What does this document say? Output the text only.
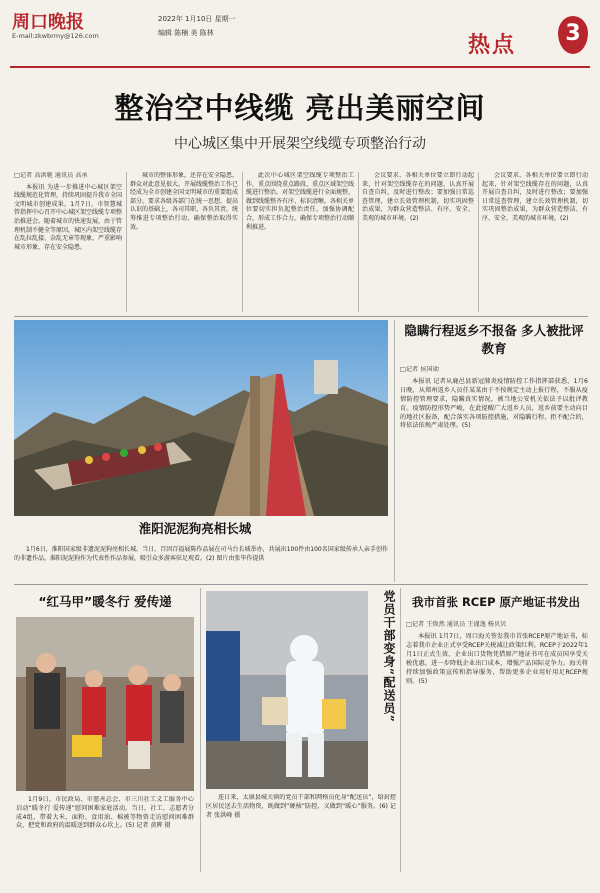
周口晚报
E-mail:zkwbrmy@126.com
2022年 1月10日 星期一
编辑 陈楠 美 陈林	热点	3
整治空中线缆 亮出美丽空间
中心城区集中开展架空线缆专项整治行动
□记者 高洪驰 通讯员 高承
本报讯 为进一步推进中心城区架空线缆规范化管理，持续巩固提升我市全国文明城市创建成果，1月7日，市智慧城管指挥中心召开中心城区架空线缆专项整治推进会。随着城市的快速发展，由于管理机制不健全等原因，城区内架空线缆存在乱拉乱接、杂乱无章等现象，严重影响城市形象，存在安全隐患。
城市的整体形象，还存在安全隐患，群众对此意见很大。开展线缆整治工作已经成为全市创建全国文明城市的重要组成部分。要求各级各部门在统一思想、提高认识的基础上，各司其职、各负其责，统筹推进专项整治行动，确保整治取得实效。
此次中心城区架空线缆专项整治工作，重点围绕重点路段、重点区域架空线缆进行整治。对架空线缆进行全面规整，做到线缆整齐有序、标识清晰。各相关单位要切实担负起整治责任，加强协调配合，形成工作合力，确保专项整治行动顺利推进。
会议要求，各相关单位要立即行动起来，针对架空线缆存在的问题，认真开展自查自纠，及时进行整改；要加强日常巡查管理，建立长效管理机制，切实巩固整治成果，为群众营造整洁、有序、安全、美观的城市环境。(2)
会议要求，各相关单位要立即行动起来，针对架空线缆存在的问题，认真开展自查自纠，及时进行整改；要加强日常巡查管理，建立长效管理机制，切实巩固整治成果，为群众营造整洁、有序、安全、美观的城市环境。(2)
淮阳泥泥狗亮相长城
1月6日，淮阳国家级非遗泥泥狗亮相长城。当日，百因百福展陈作品展在司马台长城举办，共展出100件由100名国家级传承人亲手创作的非遗作品，淮阳泥泥狗作为代表性作品参展，吸引众多游客驻足观看。(2) 图片由张毕作提供
隐瞒行程返乡不报备 多人被批评教育
□记者 侯国勋
本报讯 记者从鹿邑县新冠肺炎疫情防控工作指挥部获悉，1月6日晚，从郑州返乡人员任某某由于不按规定主动上报行程，不服从疫情防控管理要求，隐瞒真实情况，被当地公安机关依法予以批评教育。疫情防控形势严峻，在此提醒广大返乡人员，返乡前要主动向目的地社区报备，配合落实各项防控措施，对隐瞒行程、拒不配合的，将依法依规严肃处理。(5)
“红马甲”暖冬行 爱传递
1月9日，市民政局、市慈善总会、市三川社工义工服务中心启动“暖冬行 爱传递”慰问困难家庭活动。当日，社工、志愿者分成4组，带着大米、面粉、食用油、棉被等物资走访慰问困难群众，把党和政府的温暖送到群众心坎上。(5) 记者 黄晖 摄
党员干部变身“配送员”
连日来，太康县城关镇的党员干部和网格员化身“配送员”，给封控区居民送去生活物资，既做到“硬核”防控，又做到“暖心”服务。(6) 记者 张洪峰 摄
我市首张 RCEP 原产地证书发出
□记者 王焕然 通讯员 王谨逸 杨贝贝
本报讯 1月7日，周口海关签发我市首张RCEP原产地证书，标志着我市企业正式享受RCEP关税减让政策红利。RCEP于2022年1月1日正式生效，企业出口货物凭借原产地证书可在成员国享受关税优惠，进一步降低企业出口成本，增强产品国际竞争力。海关将持续加强政策宣传和指导服务，帮助更多企业用好用足RCEP规则。(5)
